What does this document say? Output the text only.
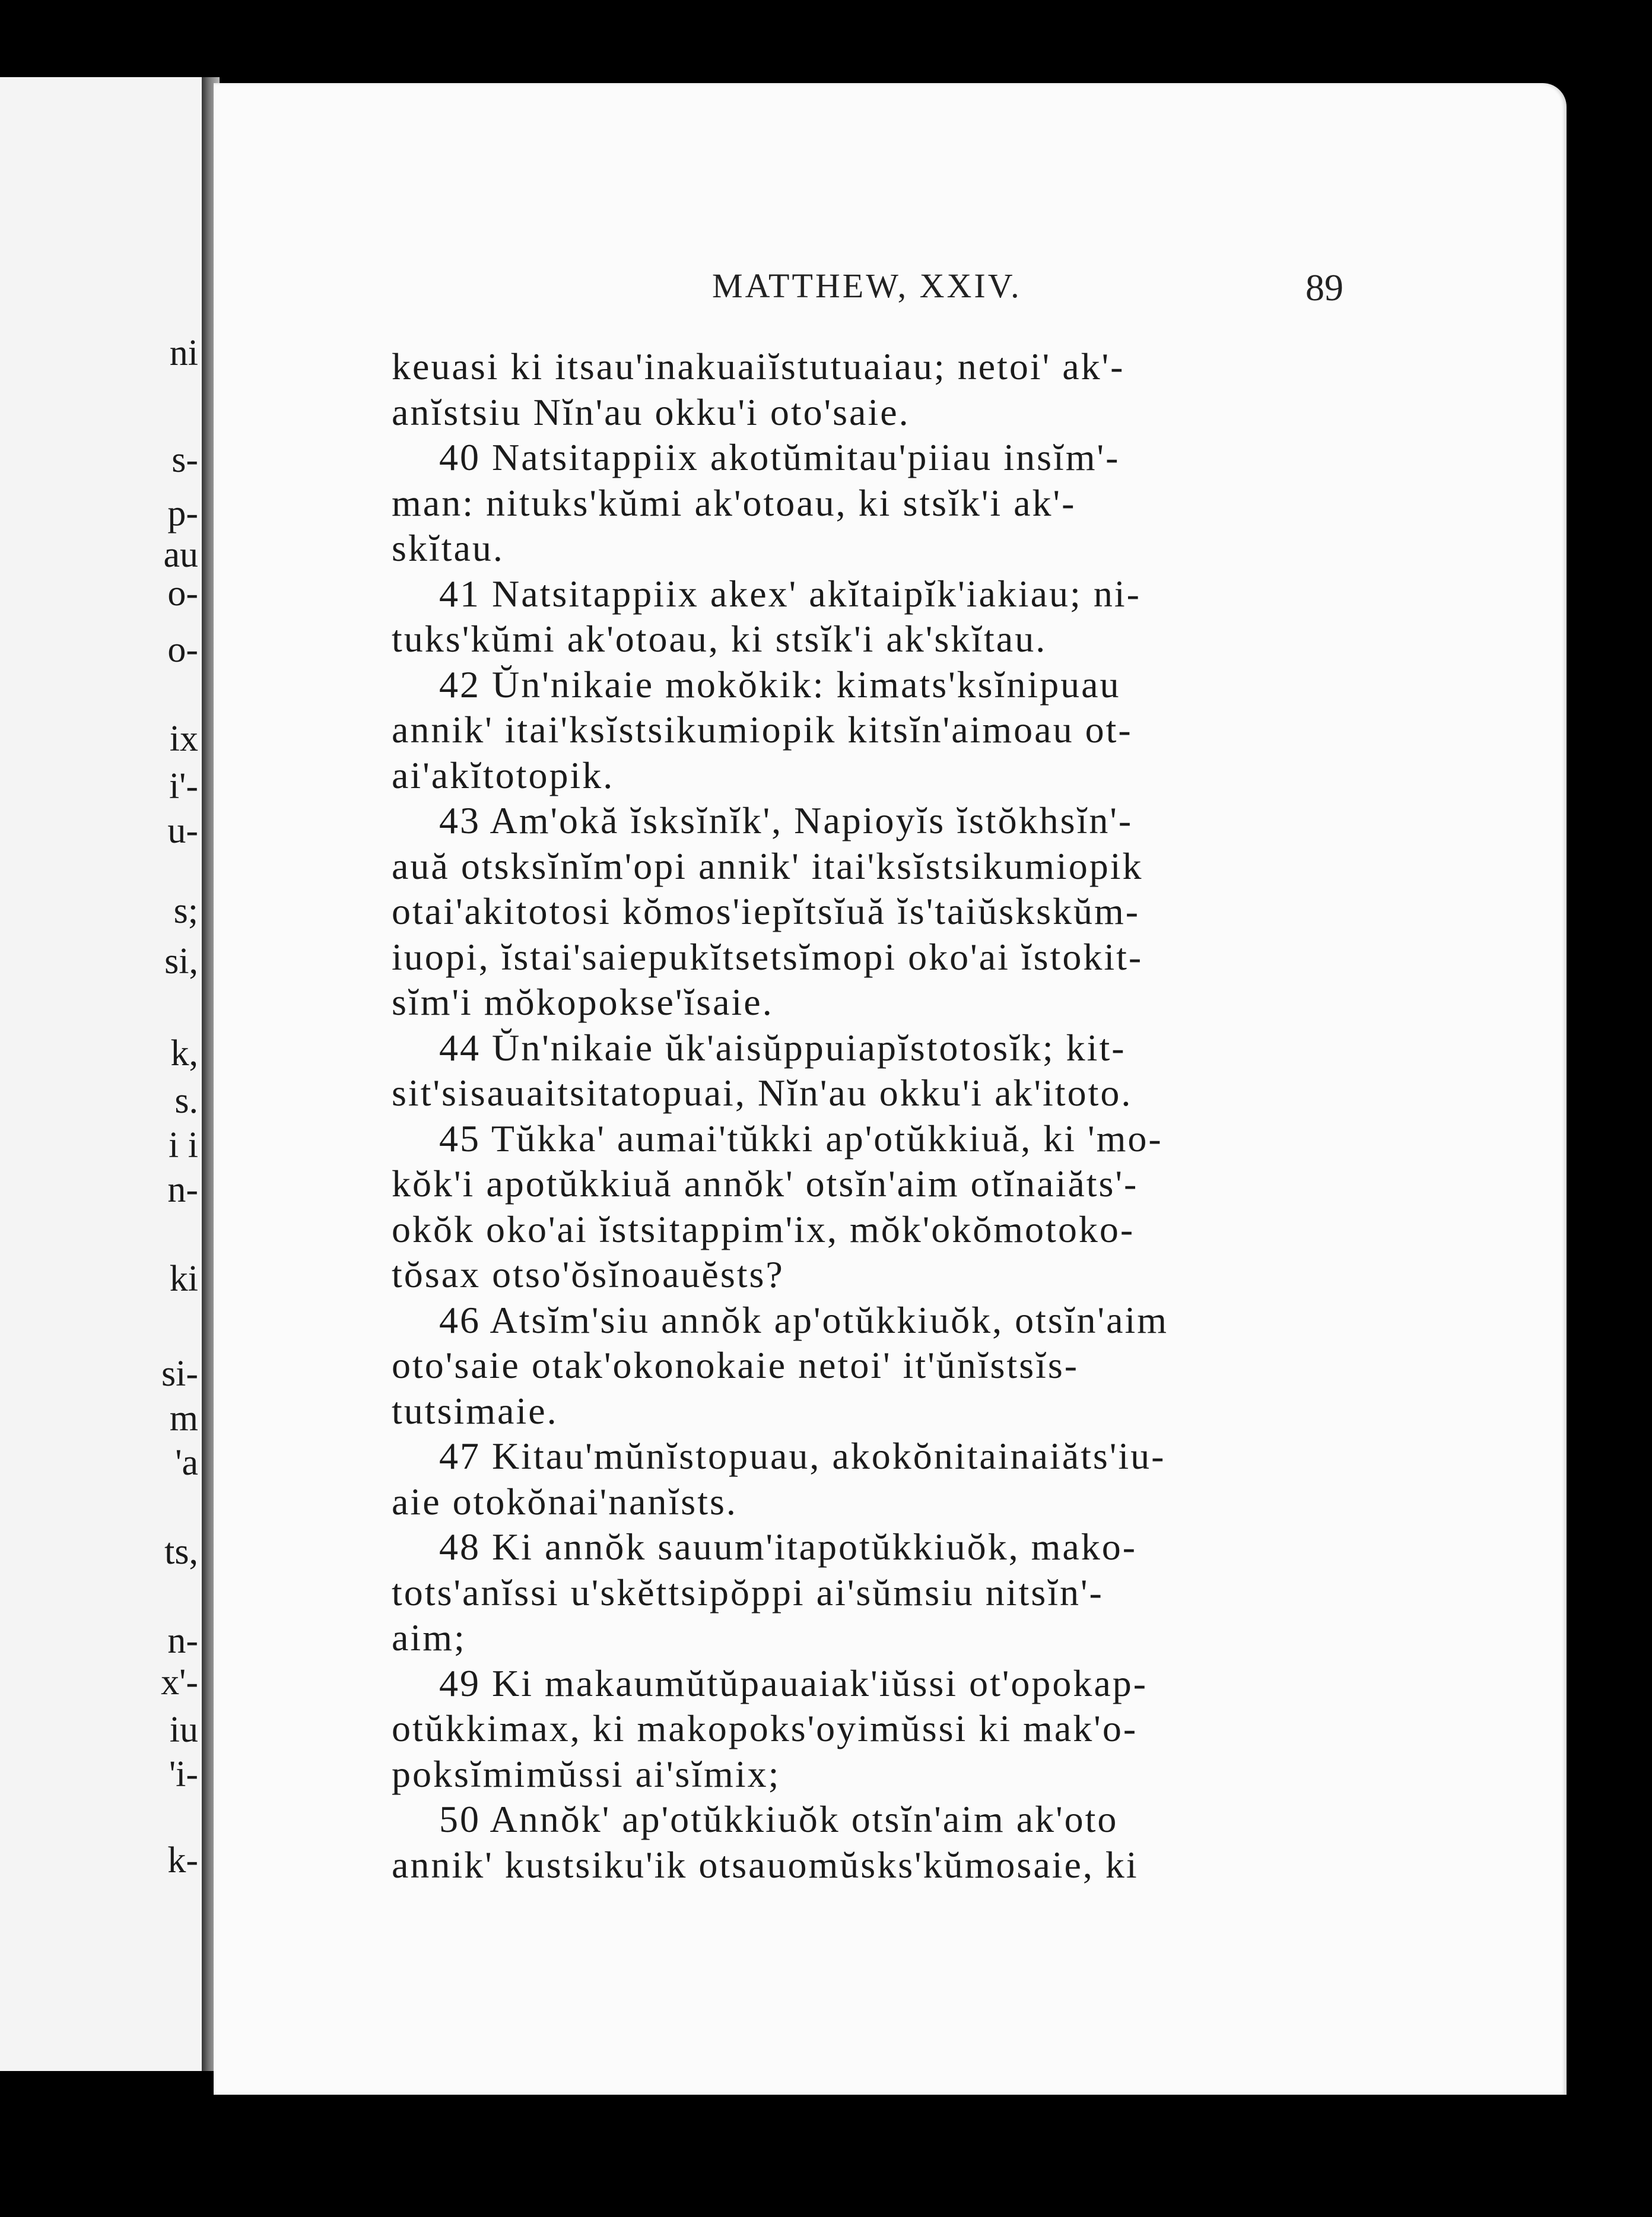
ni
s-
p-
au
o-
o-
ix
i'-
u-
s;
si,
k,
s.
i i
n-
ki
si-
m
'a
ts,
n-
x'-
iu
'i-
k-
MATTHEW, XXIV.	89
keuasi ki itsau'inakuaiĭstutuaiau; netoi' ak'-
anĭstsiu Nĭn'au okku'i oto'saie.
40 Natsitappiix akotŭmitau'piiau insĭm'-
man: nituks'kŭmi ak'otoau, ki stsĭk'i ak'-
skĭtau.
41 Natsitappiix akex' akĭtaipĭk'iakiau; ni-
tuks'kŭmi ak'otoau, ki stsĭk'i ak'skĭtau.
42 Ŭn'nikaie mokŏkik: kimats'ksĭnipuau
annik' itai'ksĭstsikumiopik kitsĭn'aimoau ot-
ai'akĭtotopik.
43 Am'okă ĭsksĭnĭk', Napioyĭs ĭstŏkhsĭn'-
auă otsksĭnĭm'opi annik' itai'ksĭstsikumiopik
otai'akitotosi kŏmos'iepĭtsĭuă ĭs'taiŭskskŭm-
iuopi, ĭstai'saiepukĭtsetsĭmopi oko'ai ĭstokit-
sĭm'i mŏkopokse'ĭsaie.
44 Ŭn'nikaie ŭk'aisŭppuiapĭstotosĭk; kit-
sit'sisauaitsitatopuai, Nĭn'au okku'i ak'itoto.
45 Tŭkka' aumai'tŭkki ap'otŭkkiuă, ki 'mo-
kŏk'i apotŭkkiuă annŏk' otsĭn'aim otĭnaiăts'-
okŏk oko'ai ĭstsitappim'ix, mŏk'okŏmotoko-
tŏsax otso'ŏsĭnoauĕsts?
46 Atsĭm'siu annŏk ap'otŭkkiuŏk, otsĭn'aim
oto'saie otak'okonokaie netoi' it'ŭnĭstsĭs-
tutsimaie.
47 Kitau'mŭnĭstopuau, akokŏnitainaiăts'iu-
aie otokŏnai'nanĭsts.
48 Ki annŏk sauum'itapotŭkkiuŏk, mako-
tots'anĭssi u'skĕttsipŏppi ai'sŭmsiu nitsĭn'-
aim;
49 Ki makaumŭtŭpauaiak'iŭssi ot'opokap-
otŭkkimax, ki makopoks'oyimŭssi ki mak'o-
poksĭmimŭssi ai'sĭmix;
50 Annŏk' ap'otŭkkiuŏk otsĭn'aim ak'oto
annik' kustsiku'ik otsauomŭsks'kŭmosaie, ki
